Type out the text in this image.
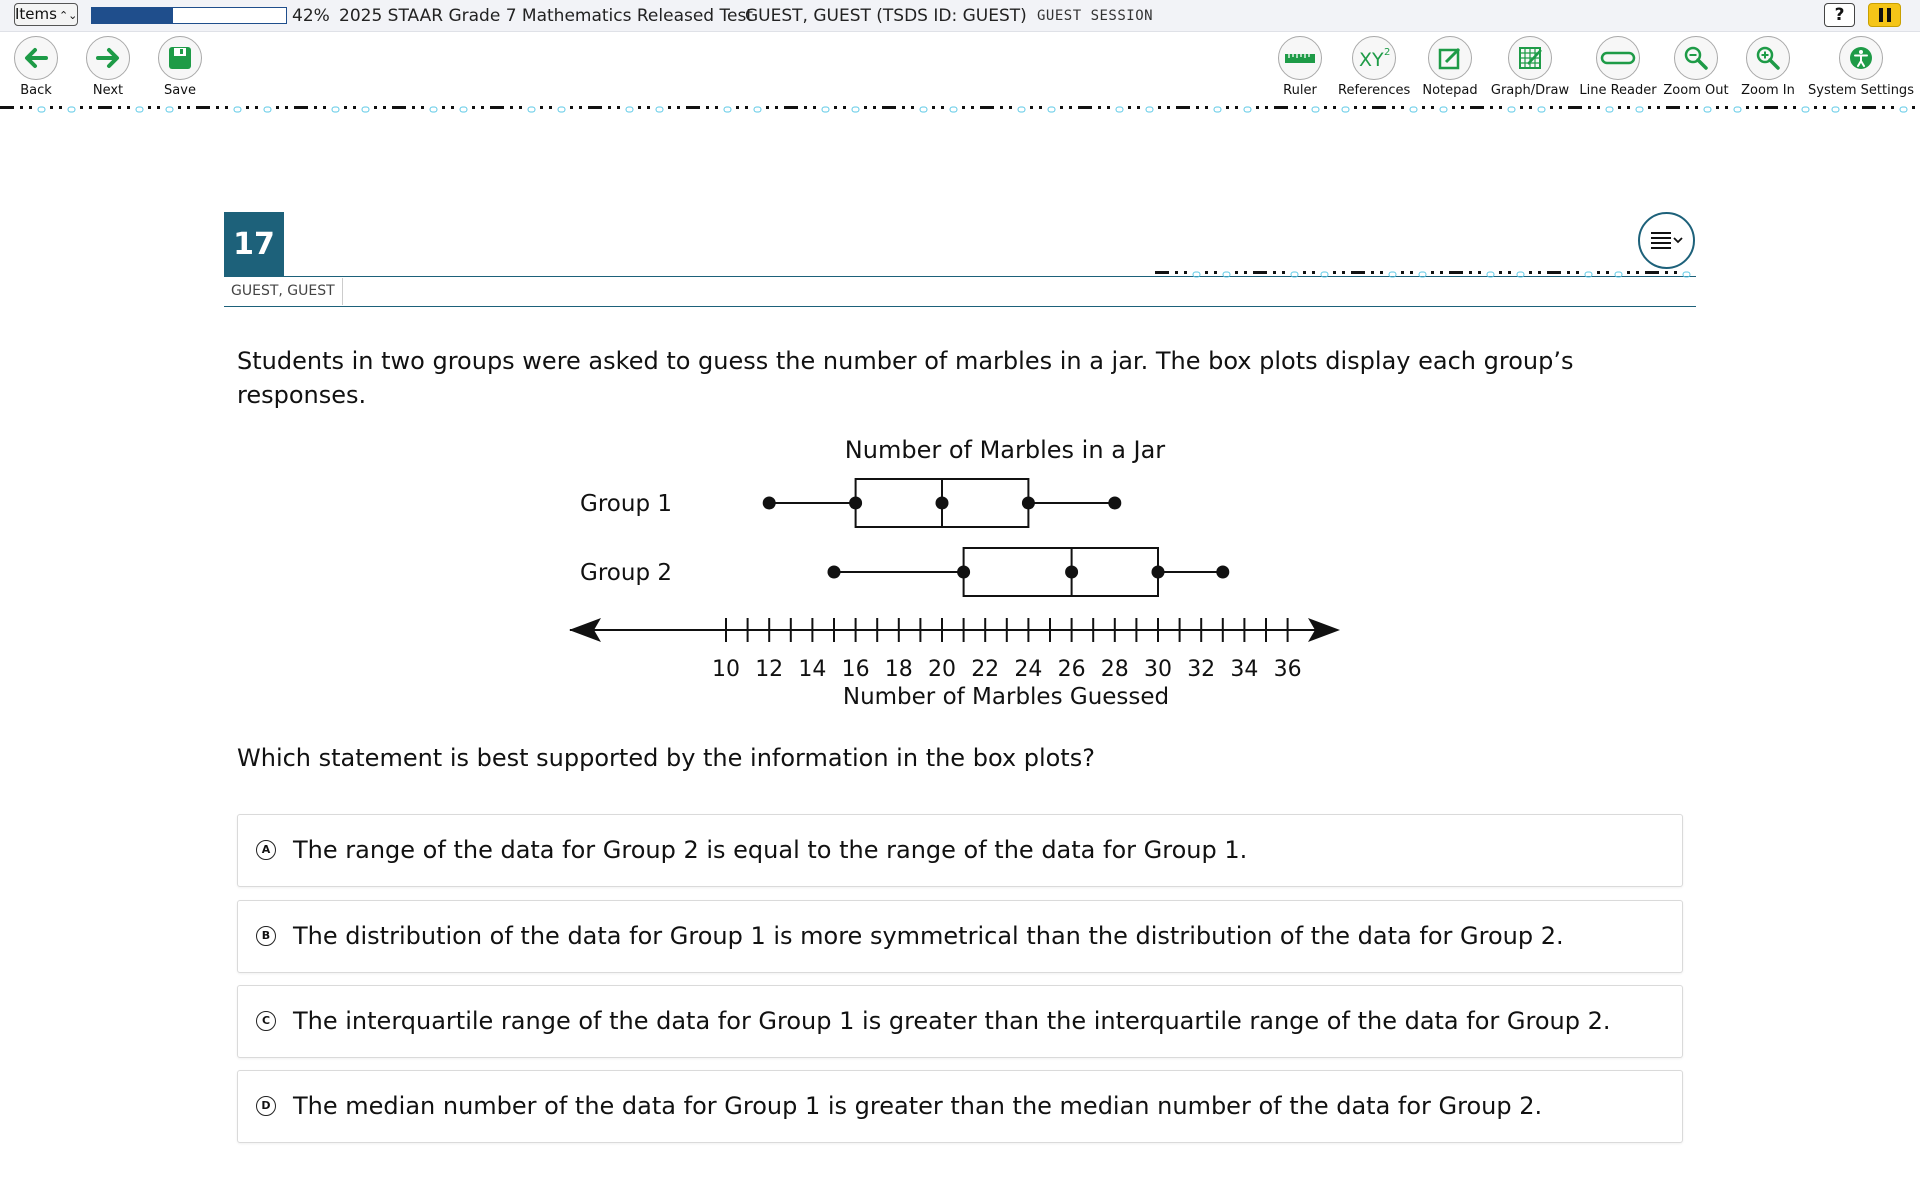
Items ⌃⌄	42% 2025 STAAR Grade 7 Mathematics Released Test
GUEST, GUEST (TSDS ID: GUEST) GUEST SESSION	?
Back	Next	Save	Ruler
XY 2
References Notepad Graph/Draw Line Reader Zoom Out Zoom In	System Settings
17
GUEST, GUEST
Students in two groups were asked to guess the number of marbles in a jar. The box plots display each group’s responses.
Number of Marbles in a Jar
Group 1
Group 2
10 12 14 16 18 20 22 24 26 28 30 32 34 36
Number of Marbles Guessed
Which statement is best supported by the information in the box plots?
A The range of the data for Group 2 is equal to the range of the data for Group 1.
B The distribution of the data for Group 1 is more symmetrical than the distribution of the data for Group 2.
C The interquartile range of the data for Group 1 is greater than the interquartile range of the data for Group 2.
D The median number of the data for Group 1 is greater than the median number of the data for Group 2.
